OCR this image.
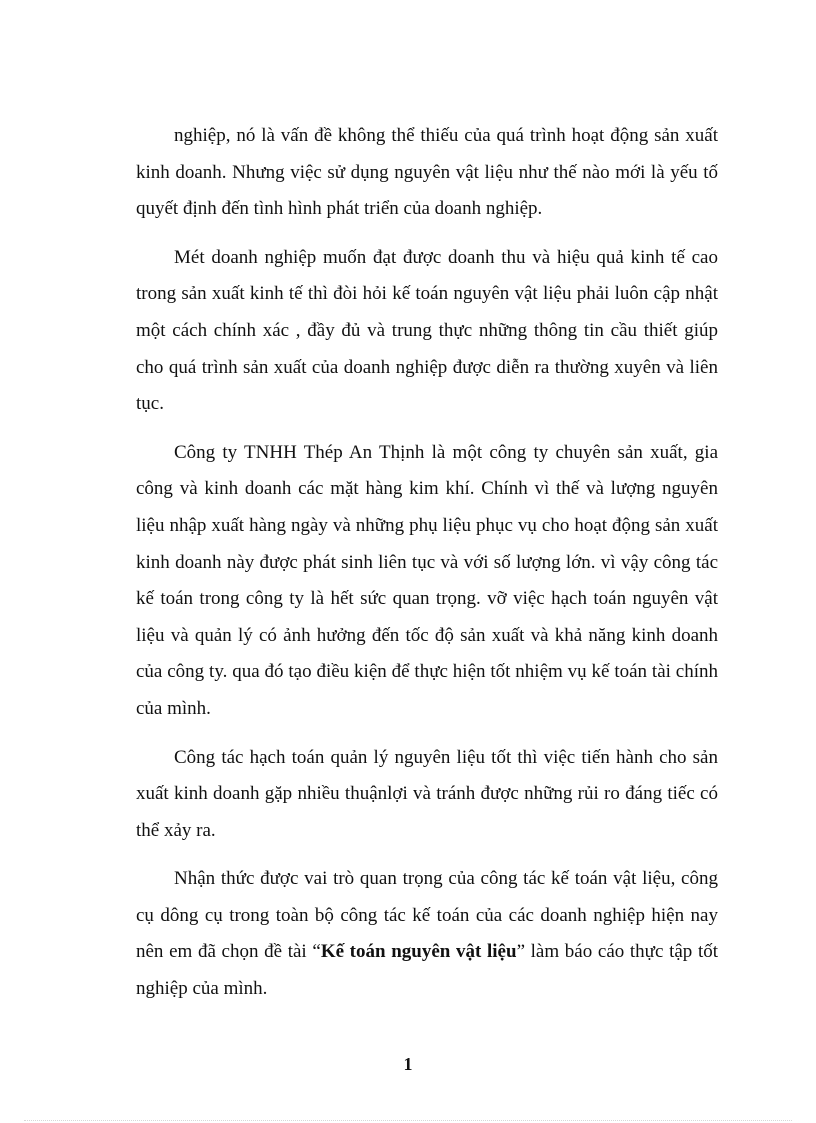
nghiệp, nó là vấn đề không thể thiếu của quá trình hoạt động sản xuất kinh doanh. Nhưng việc sử dụng nguyên vật liệu như thế nào mới là yếu tố quyết định đến tình hình phát triển của doanh nghiệp.

Mét doanh nghiệp muốn đạt được doanh thu và hiệu quả kinh tế cao trong sản xuất kinh tế thì đòi hỏi kế toán nguyên vật liệu phải luôn cập nhật một cách chính xác , đầy đủ và trung thực những thông tin cầu thiết giúp cho quá trình sản xuất của doanh nghiệp được diễn ra thường xuyên và liên tục.

Công ty TNHH Thép An Thịnh là một công ty chuyên sản xuất, gia công và kinh doanh các mặt hàng kim khí. Chính vì thế và lượng nguyên liệu nhập xuất hàng ngày và những phụ liệu phục vụ cho hoạt động sản xuất kinh doanh này được phát sinh liên tục và với số lượng lớn. vì vậy công tác kế toán trong công ty là hết sức quan trọng. vỡ việc hạch toán nguyên vật liệu và quản lý có ảnh hưởng đến tốc độ sản xuất và khả năng kinh doanh của công ty. qua đó tạo điều kiện để thực hiện tốt nhiệm vụ kế toán tài chính của mình.

Công tác hạch toán quản lý nguyên liệu tốt thì việc tiến hành cho sản xuất kinh doanh gặp nhiều thuậnlợi và tránh được những rủi ro đáng tiếc có thể xảy ra.

Nhận thức được vai trò quan trọng của công tác kế toán vật liệu, công cụ dông cụ trong toàn bộ công tác kế toán của các doanh nghiệp hiện nay nên em đã chọn đề tài “Kế toán nguyên vật liệu” làm báo cáo thực tập tốt nghiệp của mình.

1
